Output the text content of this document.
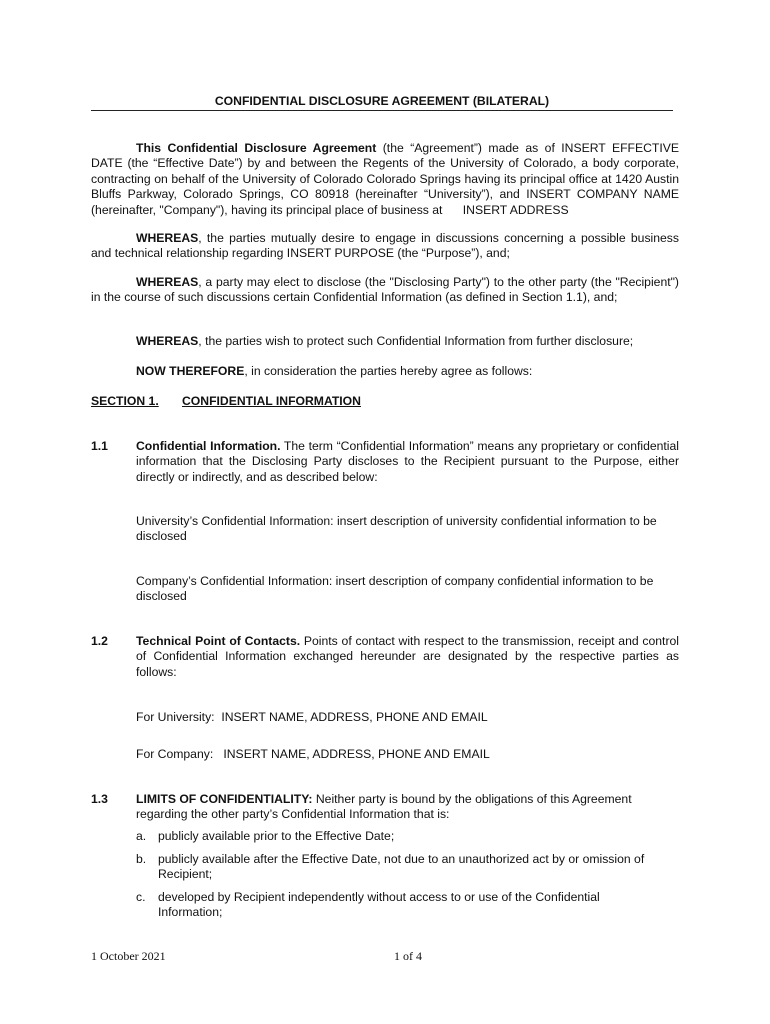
CONFIDENTIAL DISCLOSURE AGREEMENT (BILATERAL)

This Confidential Disclosure Agreement (the “Agreement”) made as of INSERT EFFECTIVE DATE (the “Effective Date”) by and between the Regents of the University of Colorado, a body corporate, contracting on behalf of the University of Colorado Colorado Springs having its principal office at 1420 Austin Bluffs Parkway, Colorado Springs, CO 80918 (hereinafter “University”), and INSERT COMPANY NAME (hereinafter, "Company"), having its principal place of business at      INSERT ADDRESS

WHEREAS, the parties mutually desire to engage in discussions concerning a possible business and technical relationship regarding INSERT PURPOSE (the “Purpose”), and;

WHEREAS, a party may elect to disclose (the "Disclosing Party") to the other party (the "Recipient") in the course of such discussions certain Confidential Information (as defined in Section 1.1), and;

WHEREAS, the parties wish to protect such Confidential Information from further disclosure;

NOW THEREFORE, in consideration the parties hereby agree as follows:

SECTION 1. CONFIDENTIAL INFORMATION
1.1 Confidential Information. The term “Confidential Information” means any proprietary or confidential information that the Disclosing Party discloses to the Recipient pursuant to the Purpose, either directly or indirectly, and as described below:

University’s Confidential Information: insert description of university confidential information to be disclosed

Company’s Confidential Information: insert description of company confidential information to be disclosed

1.2 Technical Point of Contacts. Points of contact with respect to the transmission, receipt and control of Confidential Information exchanged hereunder are designated by the respective parties as follows:

For University:  INSERT NAME, ADDRESS, PHONE AND EMAIL

For Company:   INSERT NAME, ADDRESS, PHONE AND EMAIL

1.3 LIMITS OF CONFIDENTIALITY: Neither party is bound by the obligations of this Agreement regarding the other party’s Confidential Information that is:

a. publicly available prior to the Effective Date;

b. publicly available after the Effective Date, not due to an unauthorized act by or omission of Recipient;

c. developed by Recipient independently without access to or use of the Confidential Information;

1 October 2021	1 of 4
